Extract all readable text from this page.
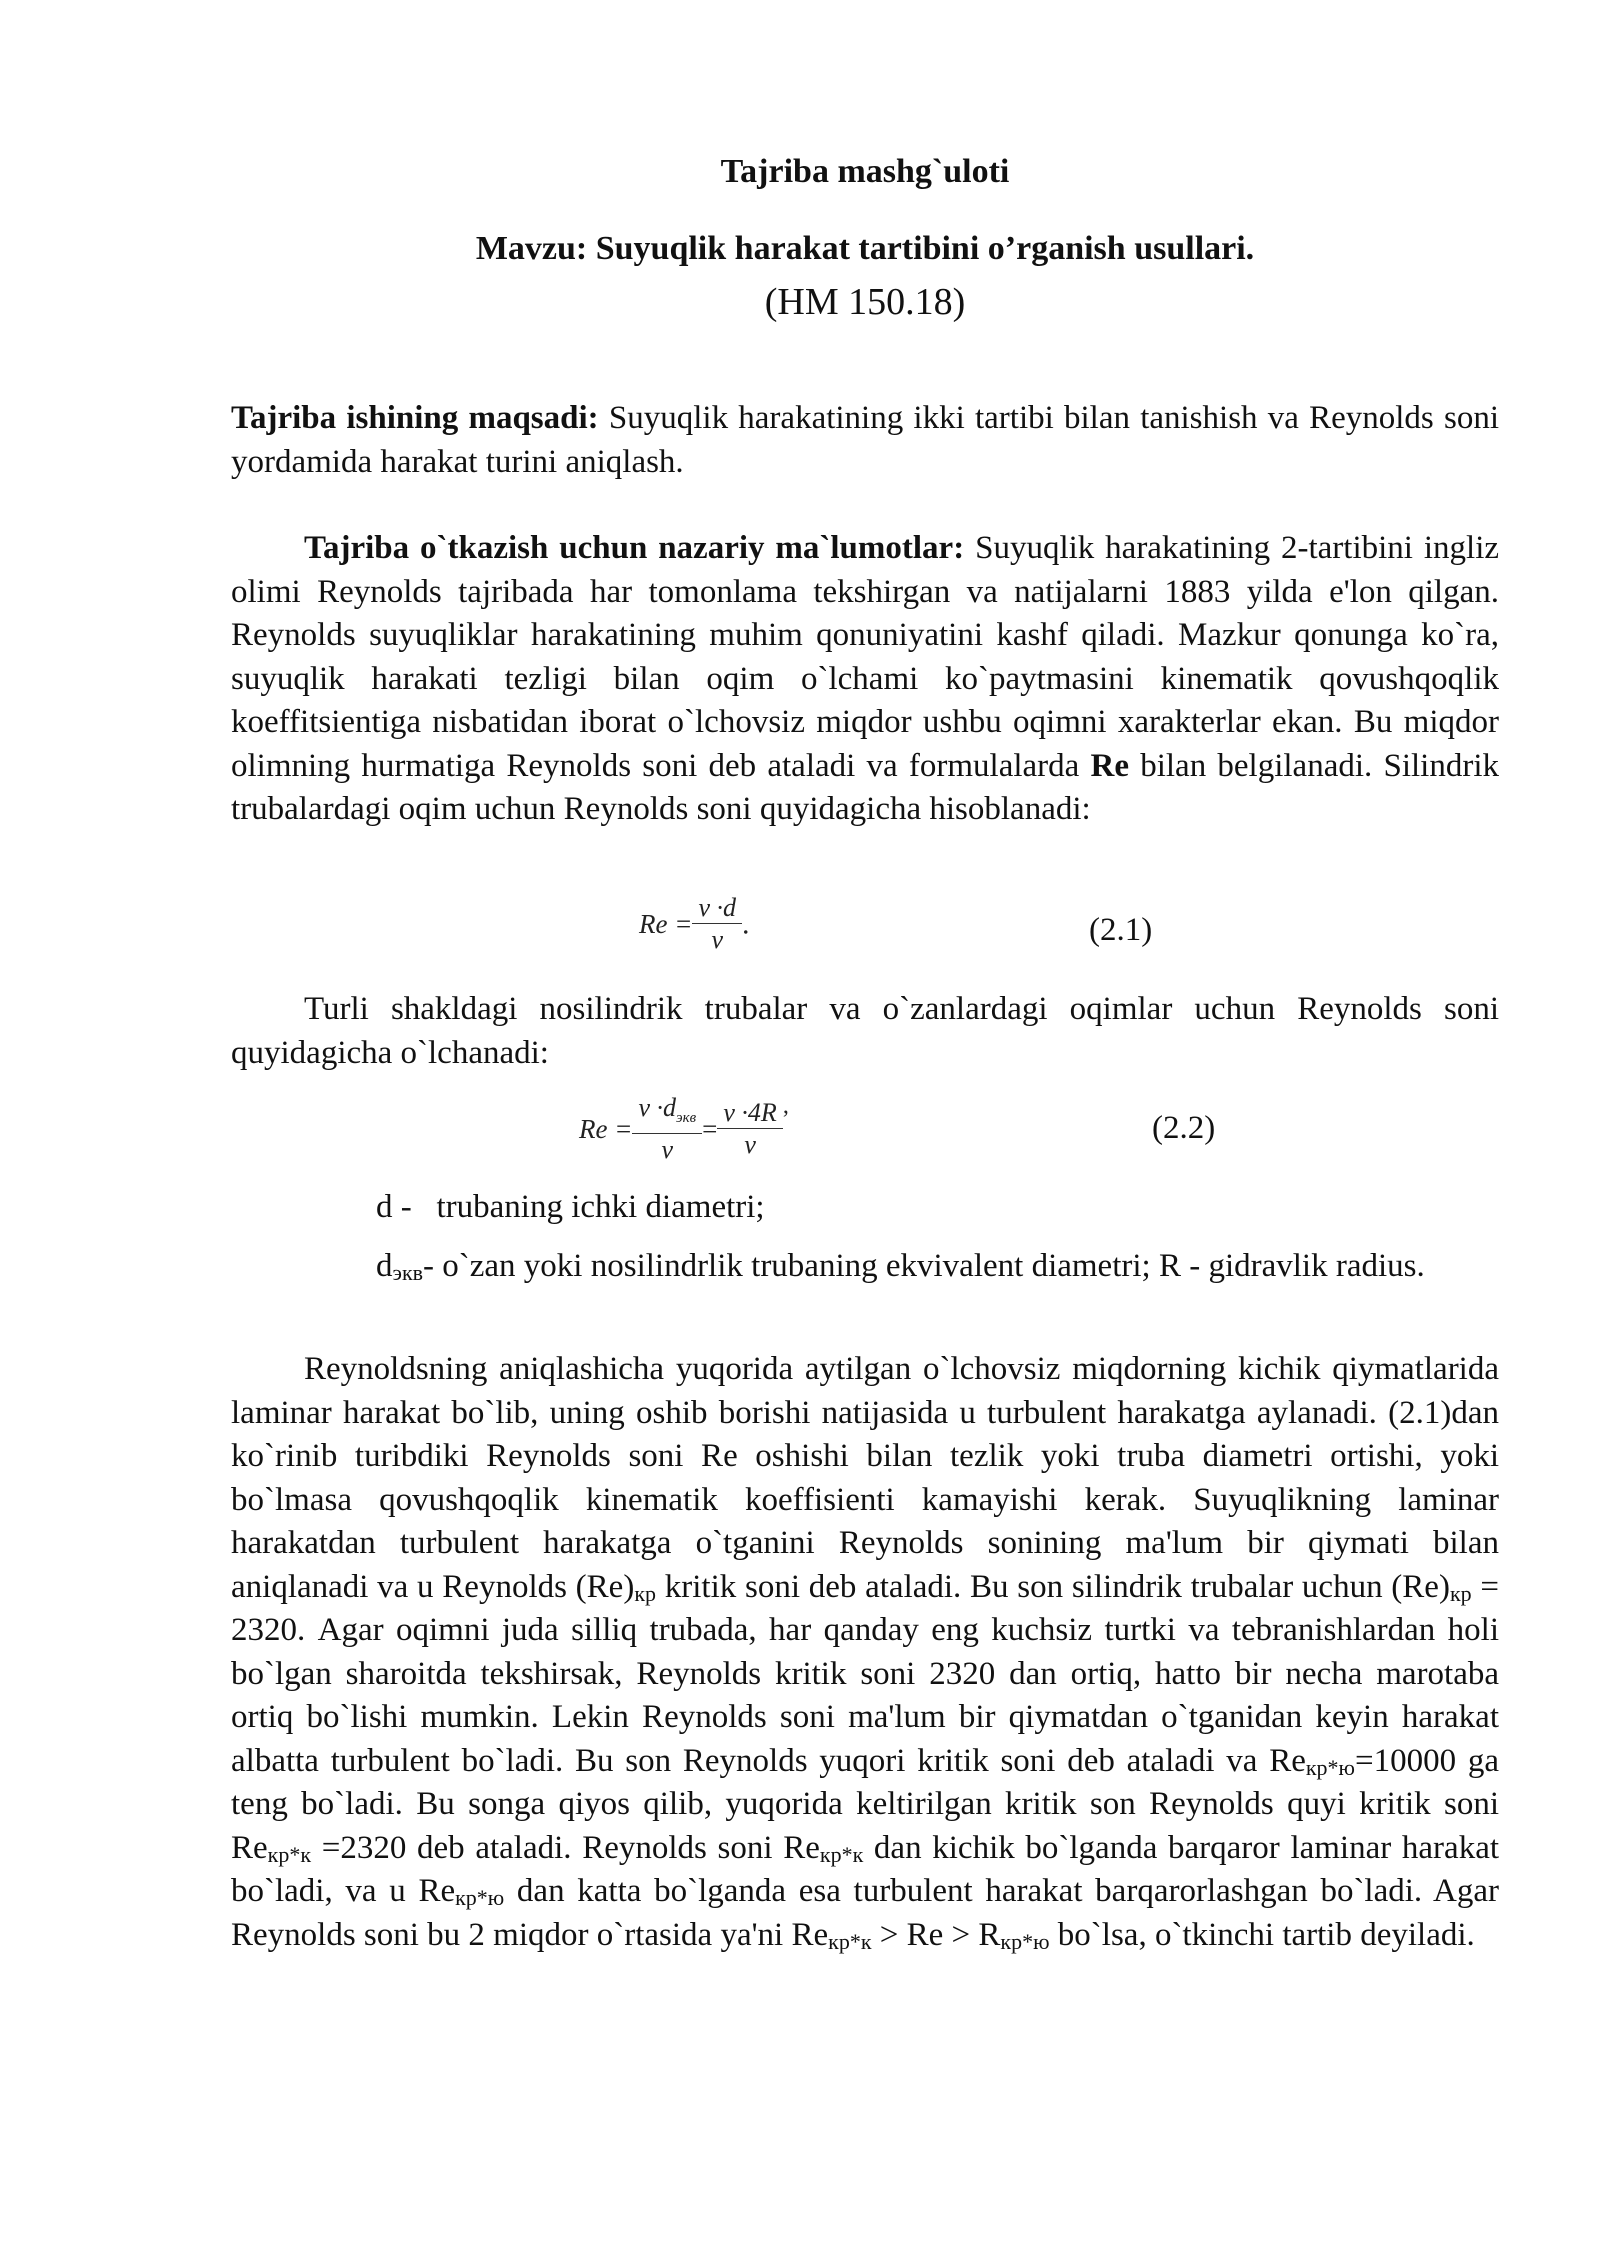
Tajriba mashg`uloti
Mavzu: Suyuqlik harakat tartibini o’rganish usullari.
(HM 150.18)
Tajriba ishining maqsadi: Suyuqlik harakatining ikki tartibi bilan tanishish va Reynolds soni yordamida harakat turini aniqlash.
Tajriba o`tkazish uchun nazariy ma`lumotlar: Suyuqlik harakatining 2-tartibini ingliz olimi Reynolds tajribada har tomonlama tekshirgan va natijalarni 1883 yilda e'lon qilgan. Reynolds suyuqliklar harakatining muhim qonuniyatini kashf qiladi. Mazkur qonunga ko`ra, suyuqlik harakati tezligi bilan oqim o`lchami ko`paytmasini kinematik qovushqoqlik koeffitsientiga nisbatidan iborat o`lchovsiz miqdor ushbu oqimni xarakterlar ekan. Bu miqdor olimning hurmatiga Reynolds soni deb ataladi va formulalarda Re bilan belgilanadi. Silindrik trubalardagi oqim uchun Reynolds soni quyidagicha hisoblanadi:
$Re = \frac{v \cdot d}{\nu}$ .	(2.1)
Turli shakldagi nosilindrik trubalar va o`zanlardagi oqimlar uchun Reynolds soni quyidagicha o`lchanadi:
$Re = \frac{v \cdot d_{экв}}{\nu} = \frac{v \cdot 4R}{\nu}$ ,
(2.2)
d - trubaning ichki diametri;
$d_{экв}-$ o`zan yoki nosilindrlik trubaning ekvivalent diametri; R - gidravlik radius.
Reynoldsning aniqlashicha yuqorida aytilgan o`lchovsiz miqdorning kichik qiymatlarida laminar harakat bo`lib, uning oshib borishi natijasida u turbulent harakatga aylanadi. (2.1)dan ko`rinib turibdiki Reynolds soni Re oshishi bilan tezlik yoki truba diametri ortishi, yoki bo`lmasa qovushqoqlik kinematik koeffisienti kamayishi kerak. Suyuqlikning laminar harakatdan turbulent harakatga o`tganini Reynolds sonining ma'lum bir qiymati bilan aniqlanadi va u Reynolds $(Re)_{кр}$ kritik soni deb ataladi. Bu son silindrik trubalar uchun $(Re)_{кр} = 2320$. Agar oqimni juda silliq trubada, har qanday eng kuchsiz turtki va tebranishlardan holi bo`lgan sharoitda tekshirsak, Reynolds kritik soni 2320 dan ortiq, hatto bir necha marotaba ortiq bo`lishi mumkin. Lekin Reynolds soni ma'lum bir qiymatdan o`tganidan keyin harakat albatta turbulent bo`ladi. Bu son Reynolds yuqori kritik soni deb ataladi va $Re_{кр*ю}=10000$ ga teng bo`ladi. Bu songa qiyos qilib, yuqorida keltirilgan kritik son Reynolds quyi kritik soni $Re_{кр*к} =2320$ deb ataladi. Reynolds soni $Re_{кр*к}$ dan kichik bo`lganda barqaror laminar harakat bo`ladi, va u $Re_{кр*ю}$ dan katta bo`lganda esa turbulent harakat barqarorlashgan bo`ladi. Agar Reynolds soni bu 2 miqdor o`rtasida ya'ni $Re_{кр*к} > Re > R_{кр*ю}$ bo`lsa, o`tkinchi tartib deyiladi.
